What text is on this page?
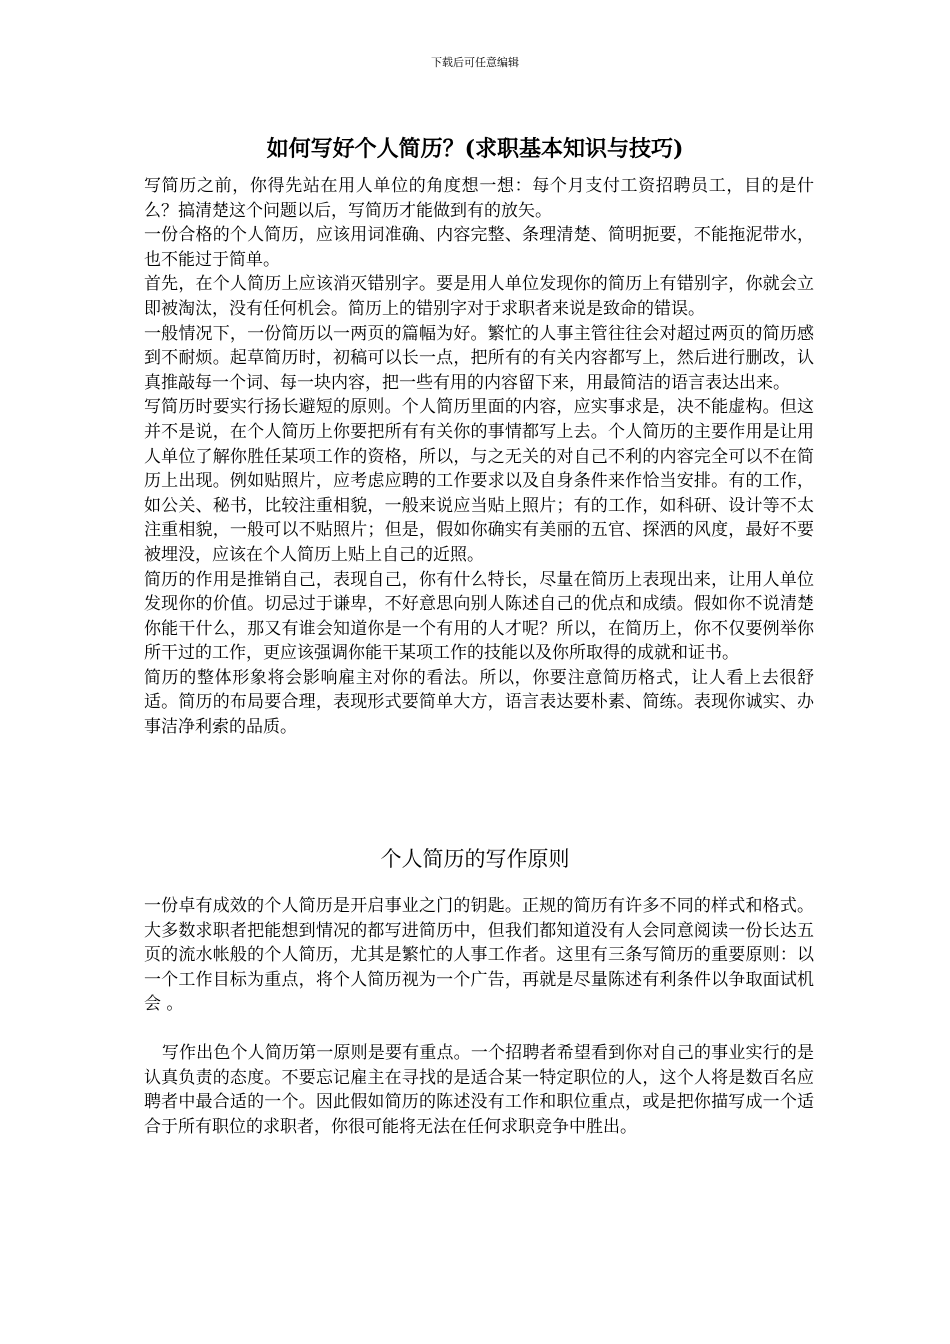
下载后可任意编辑
如何写好个人简历？(求职基本知识与技巧)

写简历之前，你得先站在用人单位的角度想一想：每个月支付工资招聘员工，目的是什么？搞清楚这个问题以后，写简历才能做到有的放矢。

一份合格的个人简历，应该用词准确、内容完整、条理清楚、简明扼要，不能拖泥带水，也不能过于简单。

首先，在个人简历上应该消灭错别字。要是用人单位发现你的简历上有错别字，你就会立即被淘汰，没有任何机会。简历上的错别字对于求职者来说是致命的错误。

一般情况下，一份简历以一两页的篇幅为好。繁忙的人事主管往往会对超过两页的简历感到不耐烦。起草简历时，初稿可以长一点，把所有的有关内容都写上，然后进行删改，认真推敲每一个词、每一块内容，把一些有用的内容留下来，用最简洁的语言表达出来。

写简历时要实行扬长避短的原则。个人简历里面的内容，应实事求是，决不能虚构。但这并不是说，在个人简历上你要把所有有关你的事情都写上去。个人简历的主要作用是让用人单位了解你胜任某项工作的资格，所以，与之无关的对自己不利的内容完全可以不在简历上出现。例如贴照片，应考虑应聘的工作要求以及自身条件来作恰当安排。有的工作，如公关、秘书，比较注重相貌，一般来说应当贴上照片；有的工作，如科研、设计等不太注重相貌，一般可以不贴照片；但是，假如你确实有美丽的五官、探洒的风度，最好不要被埋没，应该在个人简历上贴上自己的近照。

简历的作用是推销自己，表现自己，你有什么特长，尽量在简历上表现出来，让用人单位发现你的价值。切忌过于谦卑，不好意思向别人陈述自己的优点和成绩。假如你不说清楚你能干什么，那又有谁会知道你是一个有用的人才呢？所以，在简历上，你不仅要例举你所干过的工作，更应该强调你能干某项工作的技能以及你所取得的成就和证书。

简历的整体形象将会影响雇主对你的看法。所以，你要注意简历格式，让人看上去很舒适。简历的布局要合理，表现形式要简单大方，语言表达要朴素、简练。表现你诚实、办事洁净利索的品质。

个人简历的写作原则

一份卓有成效的个人简历是开启事业之门的钥匙。正规的简历有许多不同的样式和格式。大多数求职者把能想到情况的都写进简历中，但我们都知道没有人会同意阅读一份长达五页的流水帐般的个人简历，尤其是繁忙的人事工作者。这里有三条写简历的重要原则：以一个工作目标为重点，将个人简历视为一个广告，再就是尽量陈述有利条件以争取面试机会 。

写作出色个人简历第一原则是要有重点。一个招聘者希望看到你对自己的事业实行的是认真负责的态度。不要忘记雇主在寻找的是适合某一特定职位的人，这个人将是数百名应聘者中最合适的一个。因此假如简历的陈述没有工作和职位重点，或是把你描写成一个适合于所有职位的求职者，你很可能将无法在任何求职竞争中胜出。
